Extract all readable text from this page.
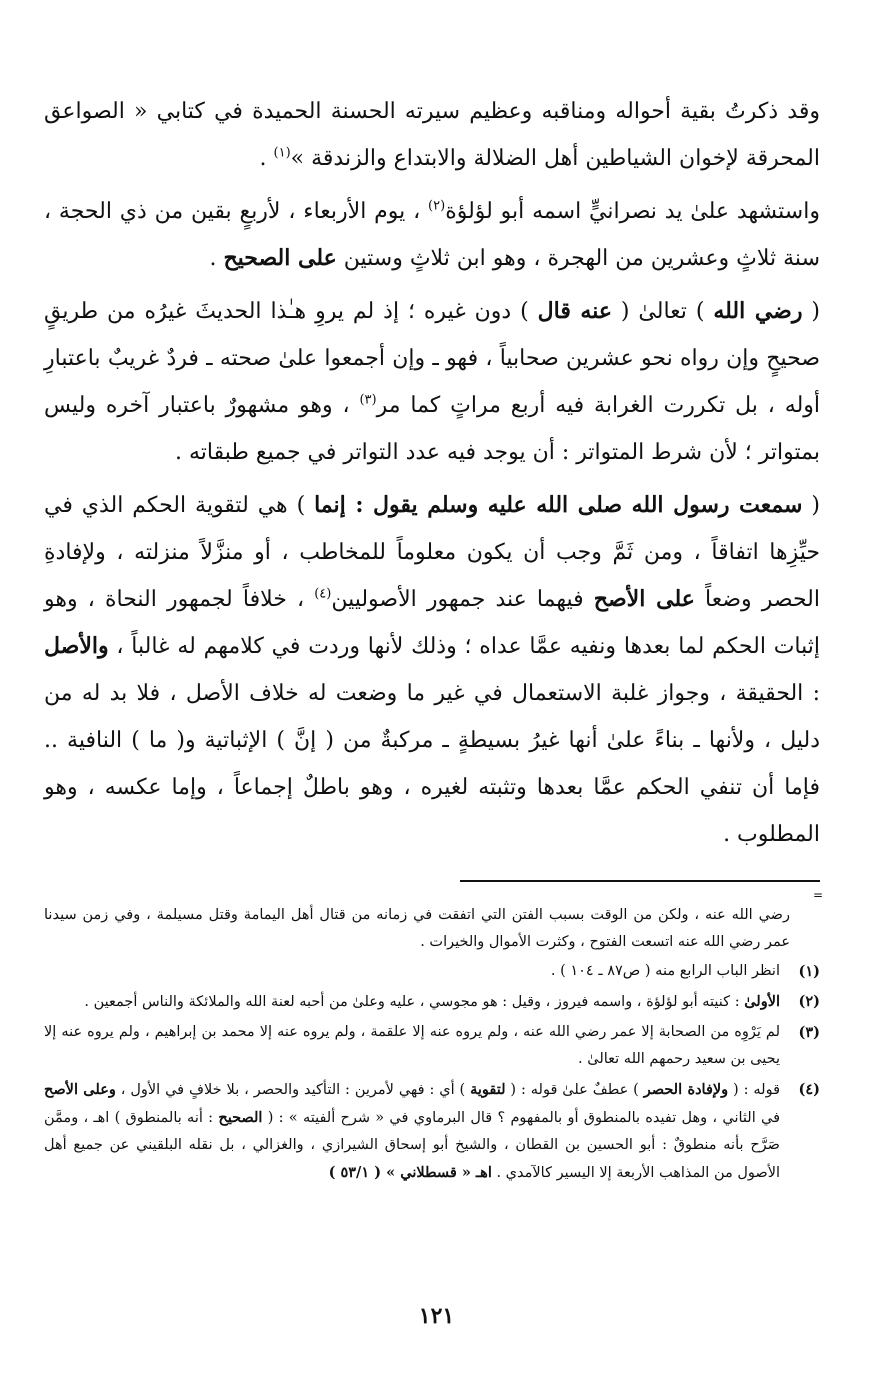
وقد ذكرتُ بقية أحواله ومناقبه وعظيم سيرته الحسنة الحميدة في كتابي « الصواعق المحرقة لإخوان الشياطين أهل الضلالة والابتداع والزندقة »$^{(١)}$ .

واستشهد علىٰ يد نصرانيٍّ اسمه أبو لؤلؤة$^{(٢)}$ ، يوم الأربعاء ، لأربعٍ بقين من ذي الحجة ، سنة ثلاثٍ وعشرين من الهجرة ، وهو ابن ثلاثٍ وستين على الصحيح .

( رضي الله ) تعالىٰ ( عنه قال ) دون غيره ؛ إذ لم يروِ هـٰذا الحديثَ غيرُه من طريقٍ صحيحٍ وإن رواه نحو عشرين صحابياً ، فهو ـ وإن أجمعوا علىٰ صحته ـ فردٌ غريبٌ باعتبارِ أوله ، بل تكررت الغرابة فيه أربع مراتٍ كما مر$^{(٣)}$ ، وهو مشهورٌ باعتبار آخره وليس بمتواتر ؛ لأن شرط المتواتر : أن يوجد فيه عدد التواتر في جميع طبقاته .

( سمعت رسول الله صلى الله عليه وسلم يقول : إنما ) هي لتقوية الحكم الذي في حيِّزِها اتفاقاً ، ومن ثَمَّ وجب أن يكون معلوماً للمخاطب ، أو منزَّلاً منزلته ، ولإفادةِ الحصر وضعاً على الأصح فيهما عند جمهور الأصوليين$^{(٤)}$ ، خلافاً لجمهور النحاة ، وهو إثبات الحكم لما بعدها ونفيه عمَّا عداه ؛ وذلك لأنها وردت في كلامهم له غالباً ، والأصل : الحقيقة ، وجواز غلبة الاستعمال في غير ما وضعت له خلاف الأصل ، فلا بد له من دليل ، ولأنها ـ بناءً علىٰ أنها غيرُ بسيطةٍ ـ مركبةٌ من ( إنَّ ) الإثباتية و( ما ) النافية .. فإما أن تنفي الحكم عمَّا بعدها وتثبته لغيره ، وهو باطلٌ إجماعاً ، وإما عكسه ، وهو المطلوب .

=

رضي الله عنه ، ولكن من الوقت بسبب الفتن التي اتفقت في زمانه من قتال أهل اليمامة وقتل مسيلمة ، وفي زمن سيدنا عمر رضي الله عنه اتسعت الفتوح ، وكثرت الأموال والخيرات .

(١)
انظر الباب الرابع منه ( ص٨٧ ـ ١٠٤ ) .
(٢)
الأولىٰ : كنيته أبو لؤلؤة ، واسمه فيروز ، وقيل : هو مجوسي ، عليه وعلىٰ من أحبه لعنة الله والملائكة والناس أجمعين .
(٣)
لم يَرْوِه من الصحابة إلا عمر رضي الله عنه ، ولم يروه عنه إلا علقمة ، ولم يروه عنه إلا محمد بن إبراهيم ، ولم يروه عنه إلا يحيى بن سعيد رحمهم الله تعالىٰ .
(٤)
قوله : ( ولإفادة الحصر ) عطفٌ علىٰ قوله : ( لتقوية ) أي : فهي لأمرين : التأكيد والحصر ، بلا خلافٍ في الأول ، وعلى الأصح في الثاني ، وهل تفيده بالمنطوق أو بالمفهوم ؟ قال البرماوي في « شرح ألفيته » : ( الصحيح : أنه بالمنطوق ) اهـ ، وممَّن صَرَّح بأنه منطوقٌ : أبو الحسين بن القطان ، والشيخ أبو إسحاق الشيرازي ، والغزالي ، بل نقله البلقيني عن جميع أهل الأصول من المذاهب الأربعة إلا اليسير كالآمدي . اهـ « قسطلاني » ( ٥٣/١ )
١٢١
